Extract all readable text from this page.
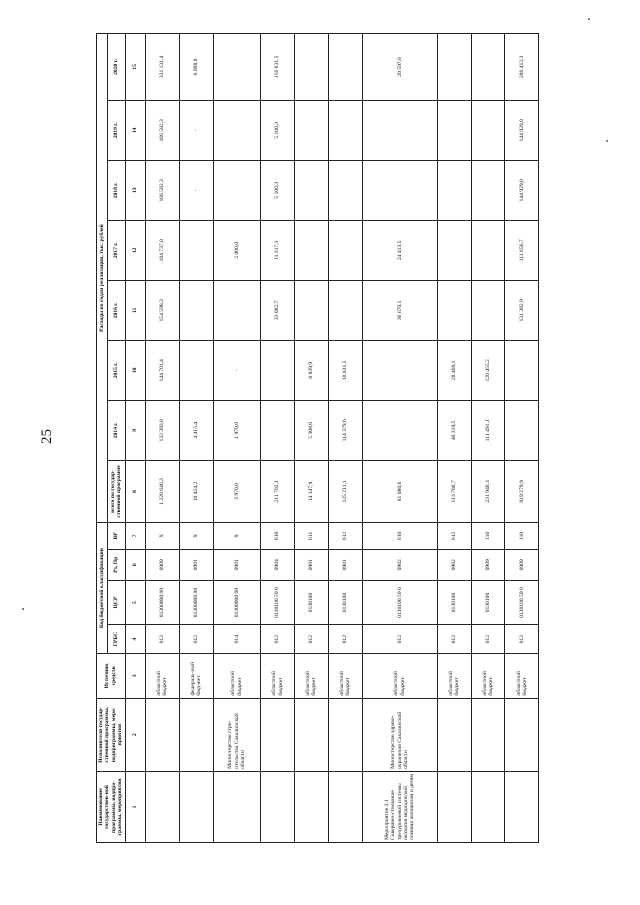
25
Наименование государствен-ной программы, подпро-граммы, мероприятия	Исполнители государ-ственной программы, подпрограммы, меро-приятия	Источник средств	Код бюджетной классификации				Расходы по годам реализации, тыс. рублей							
			ГРБС	ЦСР	Рз, Пр	ВР	всего по государ-ственной программе	2014 г.	2015 г.	2016 г.	2017 г.	2018 г.	2019 г.	2020 г.
1	2	3	4	5	6	7	8	9	10	11	12	13	14	15
		областной бюджет	012	01300000 00	0909	Х	1 220 646,3	132 393,8	144 701,4	154 598,3	184 737,0	166 582,3	166 582,3	331 131,4
		федераль-ный бюд-жет	012	01300000 00	0901	Х	10 424,2	4 415,4				-	-	6 008,8
	Министерство стро-ительства Сахалинской области	областной бюджет	014	01300000 00	0901	Х	3 970,0	1 970,0	-		2 000,0			
		областной бюджет	012	0130100 59 0	0904	610	211 702,1			33 082,7	11 317,3	5 100,3	5 100,3	156 631,5
		областной бюджет	012	0130100	0901	611	14 147,9	5 308,0	8 839,9					
		областной бюджет	012	0130100	0901	612	125 211,1	114 379,6	10 831,5					
Мероприятие 3.1 Совершен-ствование трехуровневой системы оказания медицинской помощи женщинам и детям	Министерство здраво-охранения Сахалинской области	областной бюджет	012	0130100 59 0	0902	610	81 080,6			36 670,5	24 413,5			20 597,6
		областной бюджет	012	0130100	0902	612	113 700,7	40 319,5	28 460,1					
		областной бюджет	012	0130100	0909	110	231 946,3	111 491,1	120 455,2					
		областной бюджет	012	0130100 59 0	0909	110	819 279,9			131 382,9	111 656,7	144 929,0	144 929,0	286 412,3
